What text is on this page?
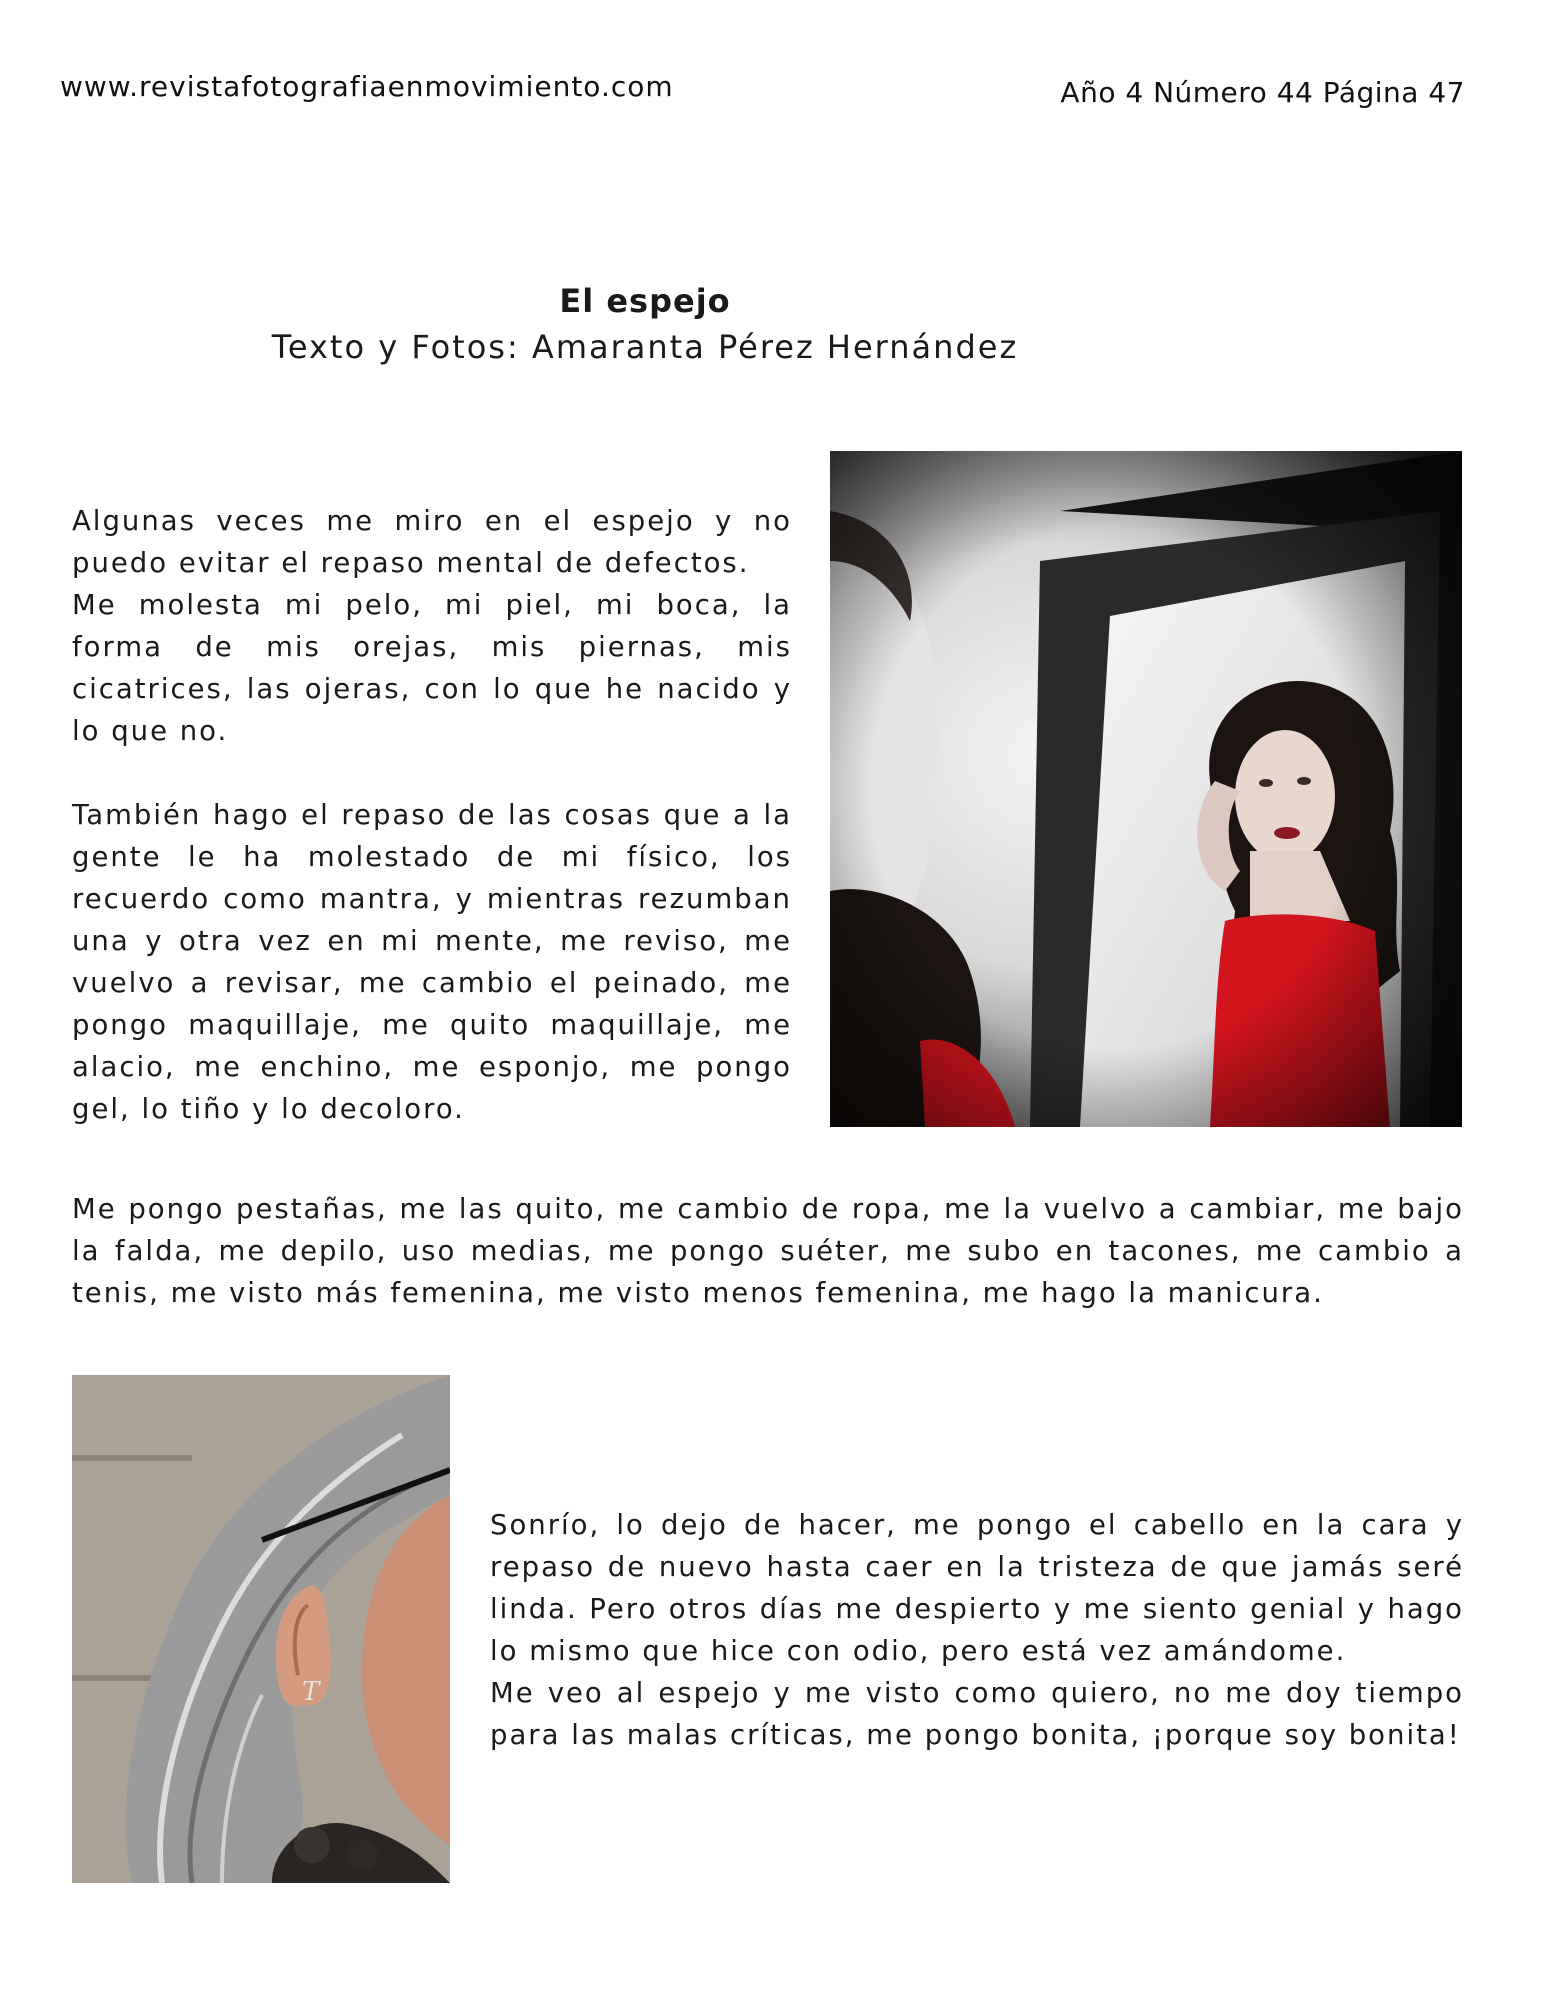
www.revistafotografiaenmovimiento.com	Año 4 Número 44 Página 47
El espejo
Texto y Fotos: Amaranta Pérez Hernández

Algunas veces me miro en el espejo y no puedo evitar el repaso mental de defectos.

Me molesta mi pelo, mi piel, mi boca, la forma de mis orejas, mis piernas, mis cicatrices, las ojeras, con lo que he nacido y lo que no.

También hago el repaso de las cosas que a la gente le ha molestado de mi físico, los recuerdo como mantra, y mientras rezumban una y otra vez en mi mente, me reviso, me vuelvo a revisar, me cambio el peinado, me pongo maquillaje, me quito maquillaje, me alacio, me enchino, me esponjo, me pongo gel, lo tiño y lo decoloro.

Me pongo pestañas, me las quito, me cambio de ropa, me la vuelvo a cambiar, me bajo la falda, me depilo, uso medias, me pongo suéter, me subo en tacones, me cambio a tenis, me visto más femenina, me visto menos femenina, me hago la manicura.

T

Sonrío, lo dejo de hacer, me pongo el cabello en la cara y repaso de nuevo hasta caer en la tristeza de que jamás seré linda. Pero otros días me despierto y me siento genial y hago lo mismo que hice con odio, pero está vez amándome.

Me veo al espejo y me visto como quiero, no me doy tiempo para las malas críticas, me pongo bonita, ¡porque soy bonita!
